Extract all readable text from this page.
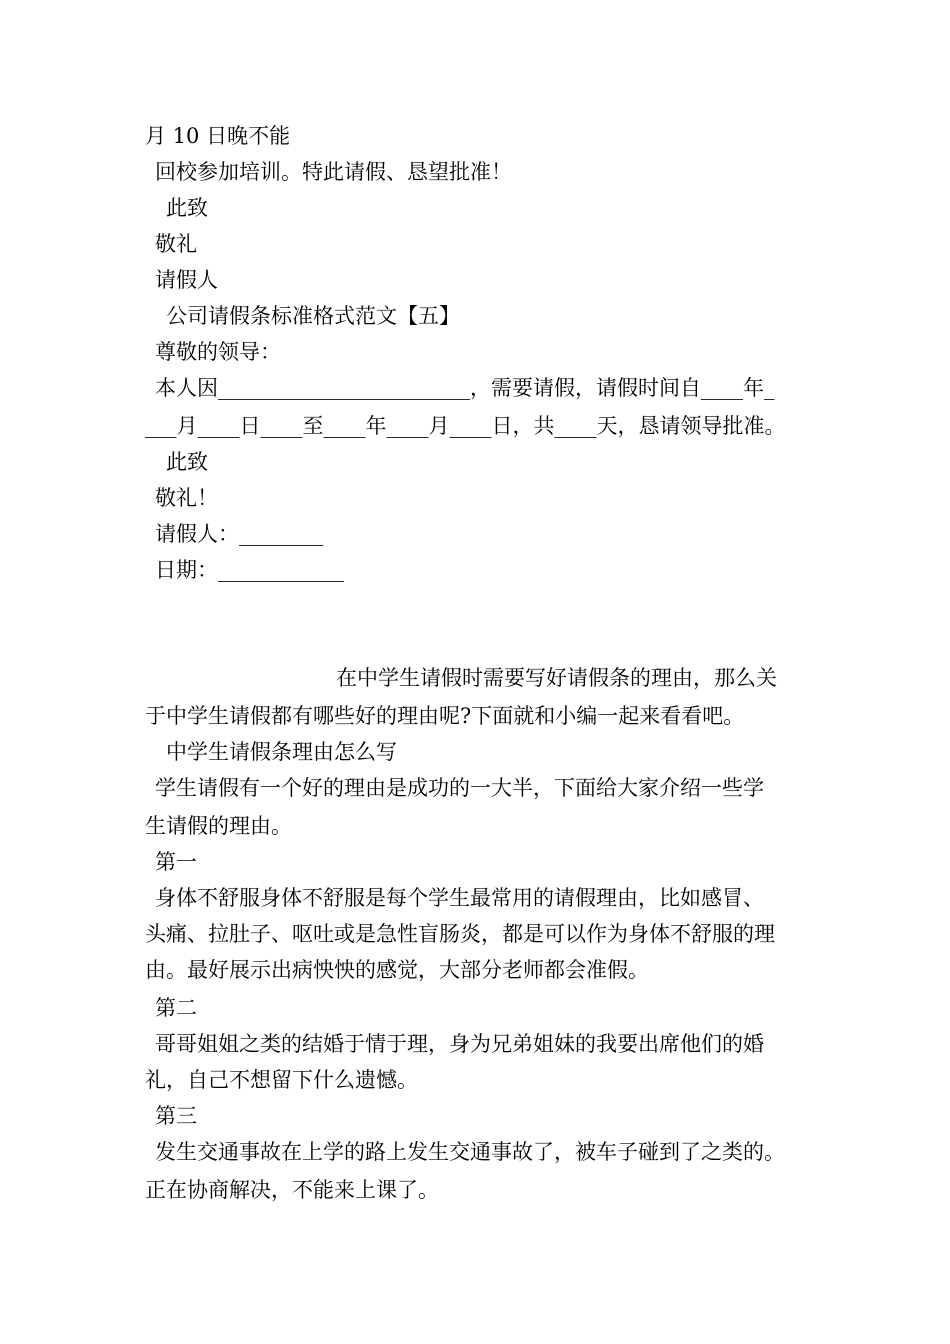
月 10 日晚不能
回校参加培训。特此请假、恳望批准！
此致
敬礼
请假人
公司请假条标准格式范文【五】
尊敬的领导：
本人因________________________，需要请假，请假时间自____年_
___月____日____至____年____月____日，共____天，恳请领导批准。
此致
敬礼！
请假人：________
日期：____________
在中学生请假时需要写好请假条的理由，那么关
于中学生请假都有哪些好的理由呢?下面就和小编一起来看看吧。
中学生请假条理由怎么写
学生请假有一个好的理由是成功的一大半，下面给大家介绍一些学
生请假的理由。
第一
身体不舒服身体不舒服是每个学生最常用的请假理由，比如感冒、
头痛、拉肚子、呕吐或是急性盲肠炎，都是可以作为身体不舒服的理
由。最好展示出病怏怏的感觉，大部分老师都会准假。
第二
哥哥姐姐之类的结婚于情于理，身为兄弟姐妹的我要出席他们的婚
礼，自己不想留下什么遗憾。
第三
发生交通事故在上学的路上发生交通事故了，被车子碰到了之类的。
正在协商解决，不能来上课了。
